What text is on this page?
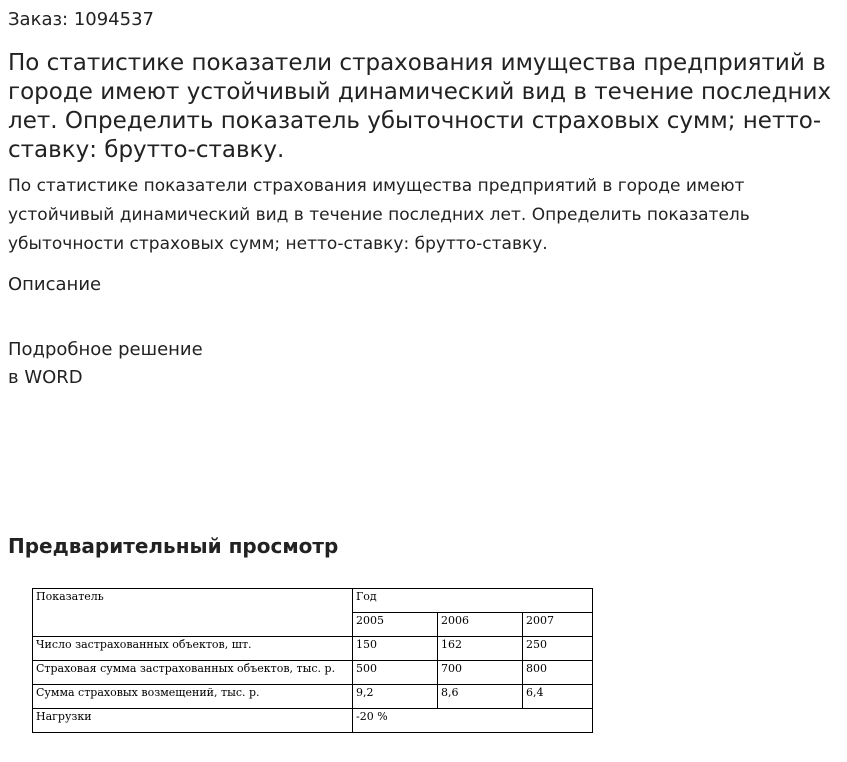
Заказ: 1094537
По статистике показатели страхования имущества предприятий в городе имеют устойчивый динамический вид в течение последних лет. Определить показатель убыточности страховых сумм; нетто-ставку: брутто-ставку.

По статистике показатели страхования имущества предприятий в городе имеют устойчивый динамический вид в течение последних лет. Определить показатель убыточности страховых сумм; нетто-ставку: брутто-ставку.

Описание
Подробное решение
в WORD
Предварительный просмотр
Показатель	Год		
	2005	2006	2007
Число застрахованных объектов, шт.	150	162	250
Страховая сумма застрахованных объектов, тыс. р.	500	700	800
Сумма страховых возмещений, тыс. р.	9,2	8,6	6,4
Нагрузки	-20 %		
